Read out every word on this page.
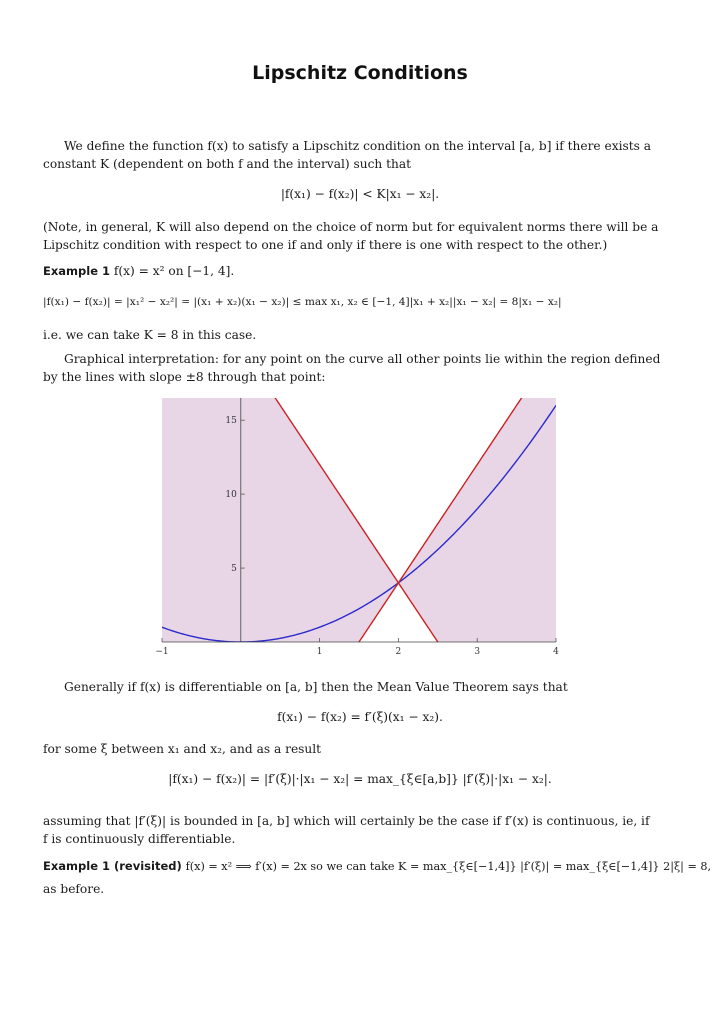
Lipschitz Conditions
We define the function f(x) to satisfy a Lipschitz condition on the interval [a, b] if there exists a
constant K (dependent on both f and the interval) such that
|f(x₁) − f(x₂)| < K|x₁ − x₂|.
(Note, in general, K will also depend on the choice of norm but for equivalent norms there will be a
Lipschitz condition with respect to one if and only if there is one with respect to the other.)
Example 1 f(x) = x² on [−1, 4].
|f(x₁) − f(x₂)| = |x₁² − x₂²| = |(x₁ + x₂)(x₁ − x₂)| ≤ max x₁, x₂ ∈ [−1, 4]|x₁ + x₂||x₁ − x₂| = 8|x₁ − x₂|
i.e. we can take K = 8 in this case.
Graphical interpretation: for any point on the curve all other points lie within the region defined
by the lines with slope ±8 through that point:
−1	1	2	3	4
5
10
15
Generally if f(x) is differentiable on [a, b] then the Mean Value Theorem says that
f(x₁) − f(x₂) = f′(ξ)(x₁ − x₂).
for some ξ between x₁ and x₂, and as a result
|f(x₁) − f(x₂)| = |f′(ξ)|·|x₁ − x₂| = max_{ξ∈[a,b]} |f′(ξ)|·|x₁ − x₂|.
assuming that |f′(ξ)| is bounded in [a, b] which will certainly be the case if f′(x) is continuous, ie, if
f is continuously differentiable.
Example 1 (revisited) f(x) = x² ⟹ f′(x) = 2x so we can take K = max_{ξ∈[−1,4]} |f′(ξ)| = max_{ξ∈[−1,4]} 2|ξ| = 8,
as before.
